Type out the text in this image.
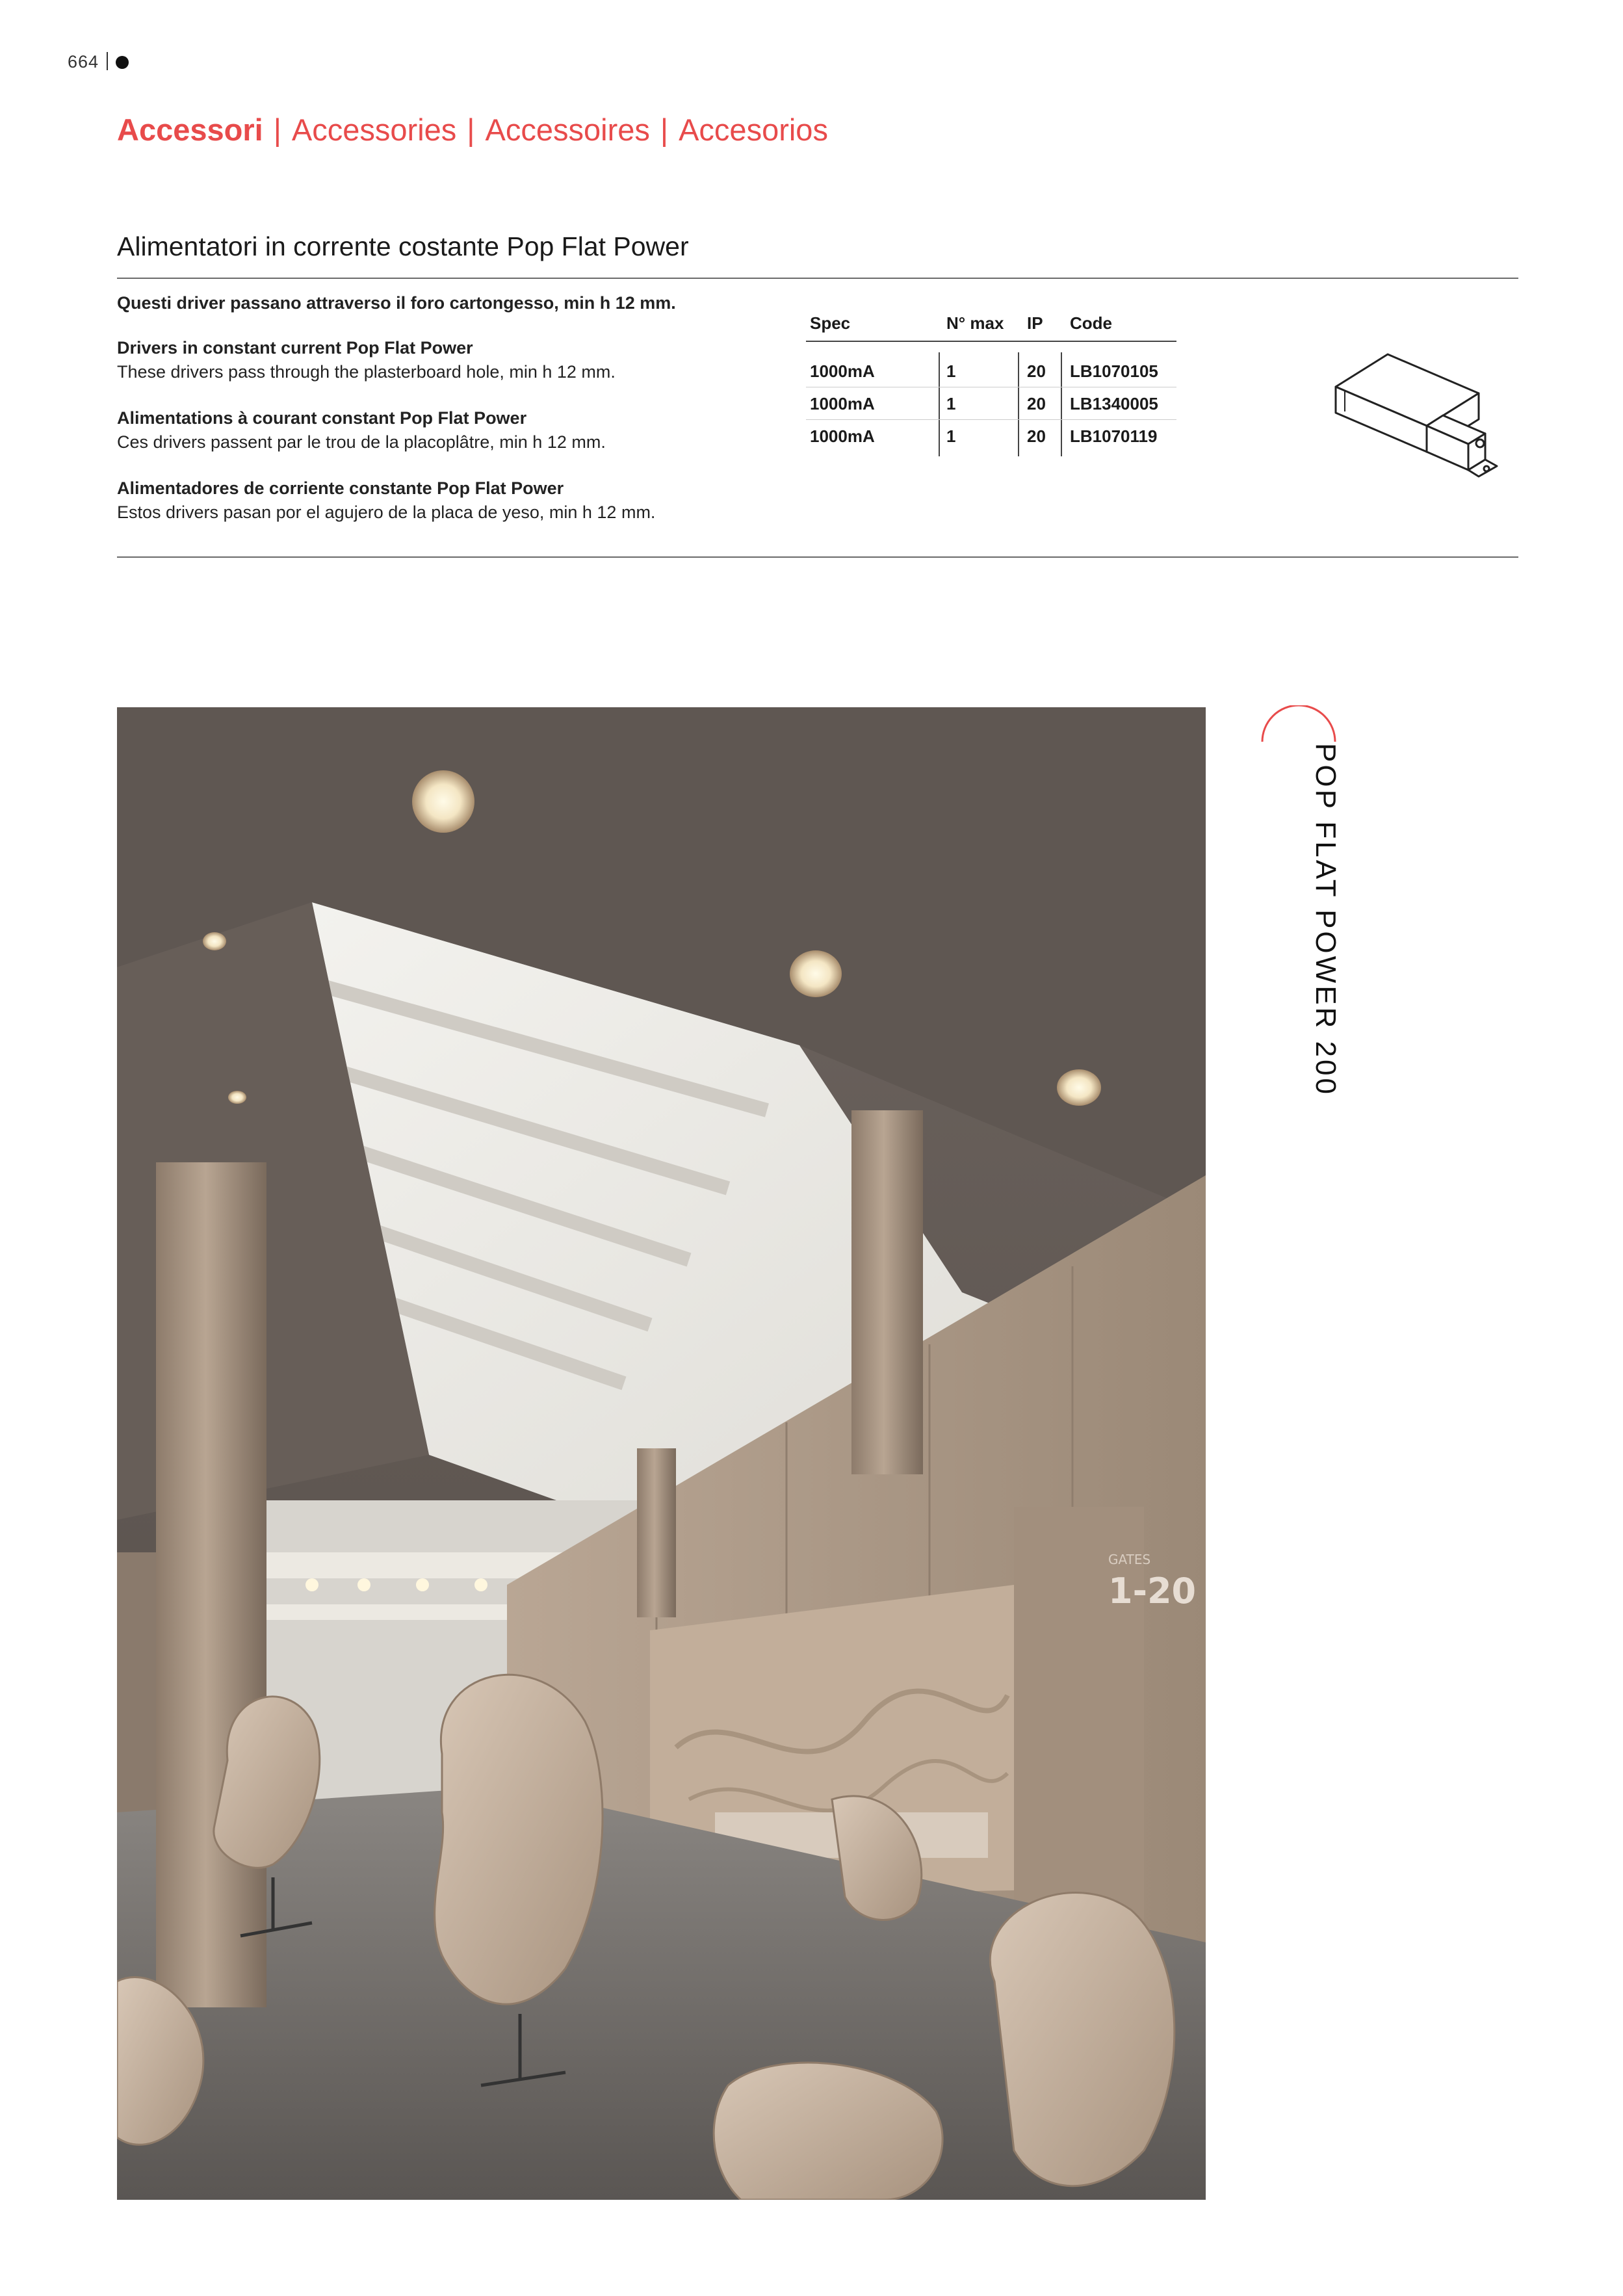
664
Accessori | Accessories | Accessoires | Accesorios
Alimentatori in corrente costante Pop Flat Power
Questi driver passano attraverso il foro cartongesso, min h 12 mm.
Drivers in constant current Pop Flat Power
These drivers pass through the plasterboard hole, min h 12 mm.
Alimentations à courant constant Pop Flat Power
Ces drivers passent par le trou de la placoplâtre, min h 12 mm.
Alimentadores de corriente constante Pop Flat Power
Estos drivers pasan por el agujero de la placa de yeso, min h 12 mm.
Spec	N° max IP Code
1000mA	1	20 LB1070105
1000mA	1	20 LB1340005
1000mA	1	20 LB1070119
GATES
1-20
POP FLAT POWER 200
